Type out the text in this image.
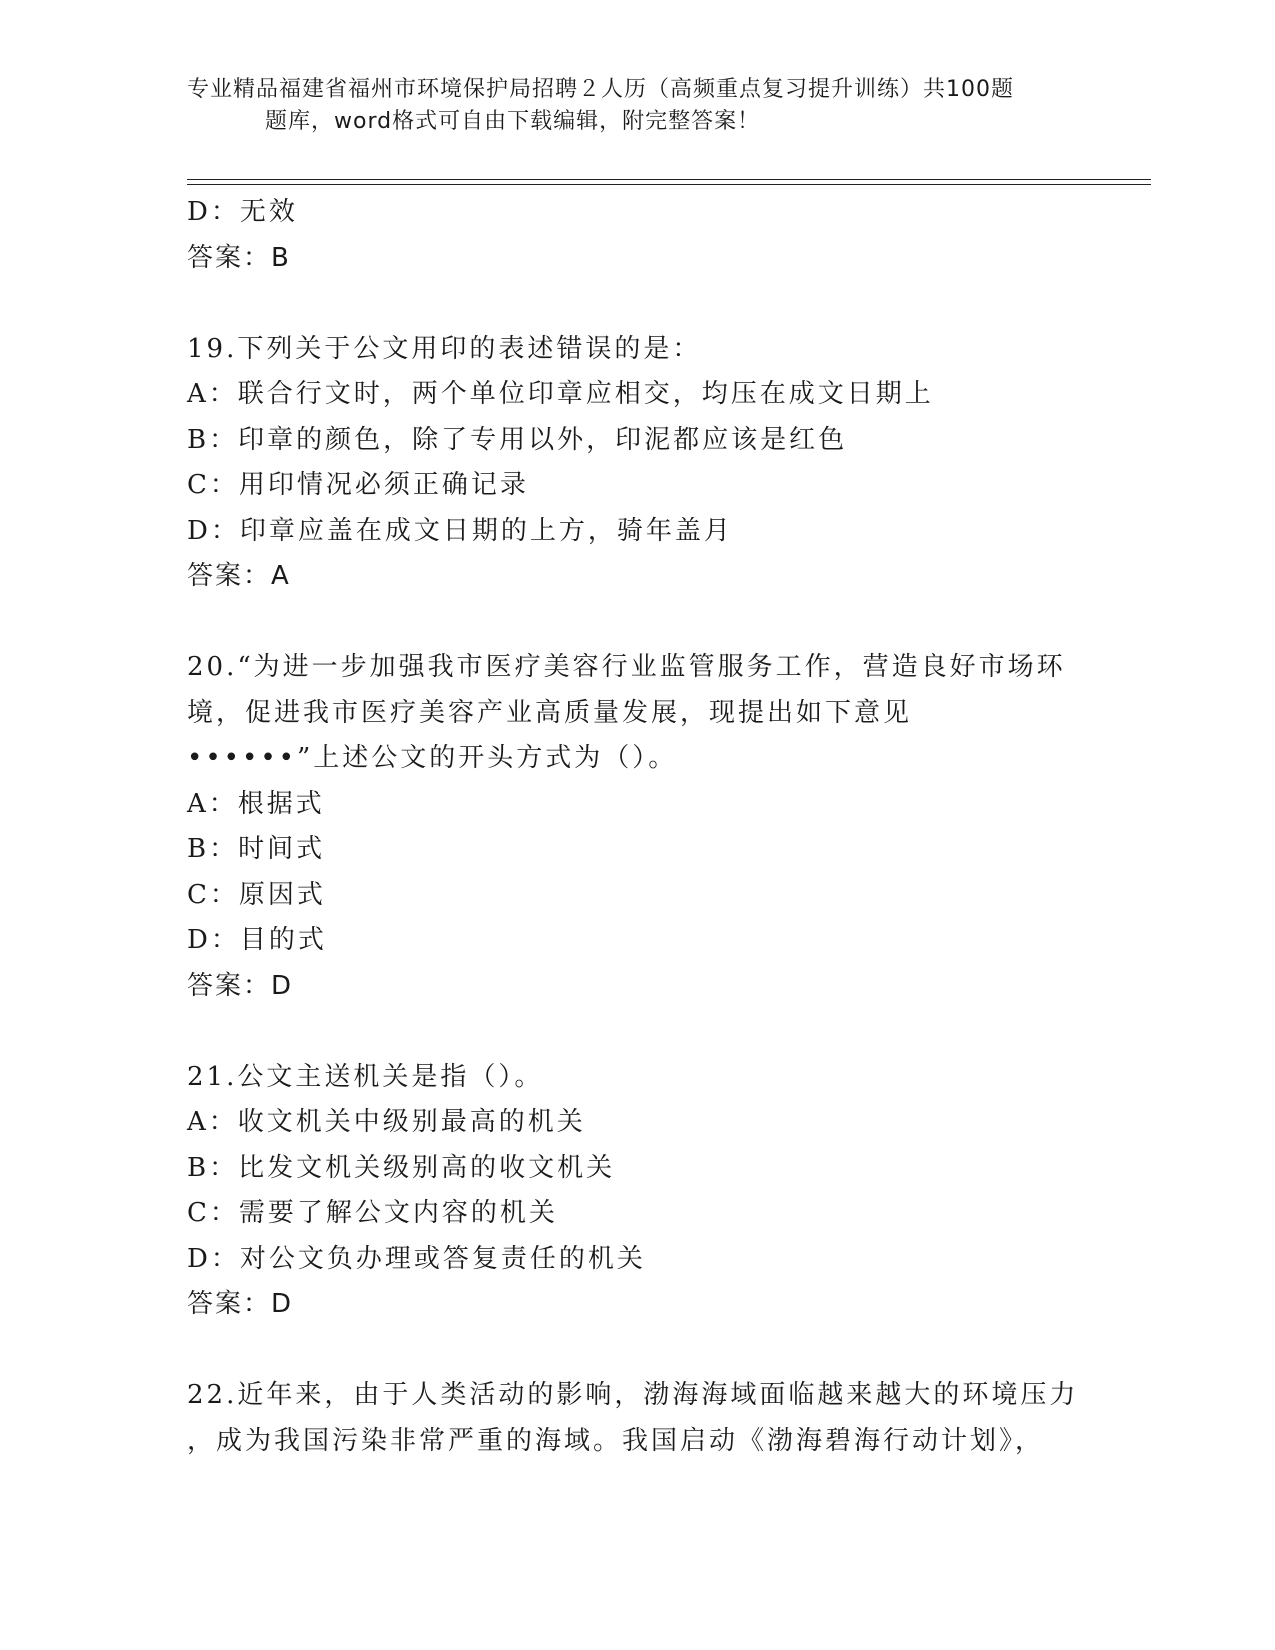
专业精品福建省福州市环境保护局招聘２人历（高频重点复习提升训练）共100题
题库，word格式可自由下载编辑，附完整答案！

D：无效

答案：B

19.下列关于公文用印的表述错误的是：

A：联合行文时，两个单位印章应相交，均压在成文日期上

B：印章的颜色，除了专用以外，印泥都应该是红色

C：用印情况必须正确记录

D：印章应盖在成文日期的上方，骑年盖月

答案：A

20.“为进一步加强我市医疗美容行业监管服务工作，营造良好市场环

境，促进我市医疗美容产业高质量发展，现提出如下意见

••••••”上述公文的开头方式为（）。

A：根据式

B：时间式

C：原因式

D：目的式

答案：D

21.公文主送机关是指（）。

A：收文机关中级别最高的机关

B：比发文机关级别高的收文机关

C：需要了解公文内容的机关

D：对公文负办理或答复责任的机关

答案：D

22.近年来，由于人类活动的影响，渤海海域面临越来越大的环境压力

，成为我国污染非常严重的海域。我国启动《渤海碧海行动计划》，
